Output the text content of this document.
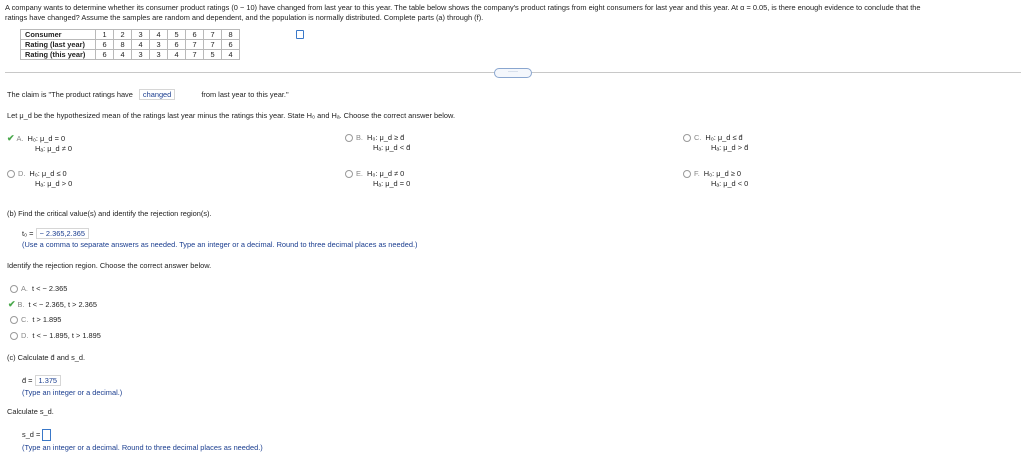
A company wants to determine whether its consumer product ratings (0 − 10) have changed from last year to this year. The table below shows the company's product ratings from eight consumers for last year and this year. At α = 0.05, is there enough evidence to conclude that the
ratings have changed? Assume the samples are random and dependent, and the population is normally distributed. Complete parts (a) through (f).
Consumer	1	2	3	4	5	6	7	8
Rating (last year)	6	8	4	3	6	7	7	6
Rating (this year)	6	4	3	3	4	7	5	4
·····
The claim is "The product ratings have changed	from last year to this year."
Let μ_d be the hypothesized mean of the ratings last year minus the ratings this year. State H₀ and Hₐ. Choose the correct answer below.
✔ A. H₀: μ_d = 0
Hₐ: μ_d ≠ 0
B. H₀: μ_d ≥ d̄
Hₐ: μ_d < d̄
C. H₀: μ_d ≤ d̄
Hₐ: μ_d > d̄
D. H₀: μ_d ≤ 0
Hₐ: μ_d > 0
E. H₀: μ_d ≠ 0
Hₐ: μ_d = 0
F. H₀: μ_d ≥ 0
Hₐ: μ_d < 0
(b) Find the critical value(s) and identify the rejection region(s).
t₀ = − 2.365,2.365
(Use a comma to separate answers as needed. Type an integer or a decimal. Round to three decimal places as needed.)
Identify the rejection region. Choose the correct answer below.
A. t < − 2.365
✔ B. t < − 2.365, t > 2.365
C. t > 1.895
D. t < − 1.895, t > 1.895
(c) Calculate d̄ and s_d.
d̄ = 1.375
(Type an integer or a decimal.)
Calculate s_d.
s_d =
(Type an integer or a decimal. Round to three decimal places as needed.)
